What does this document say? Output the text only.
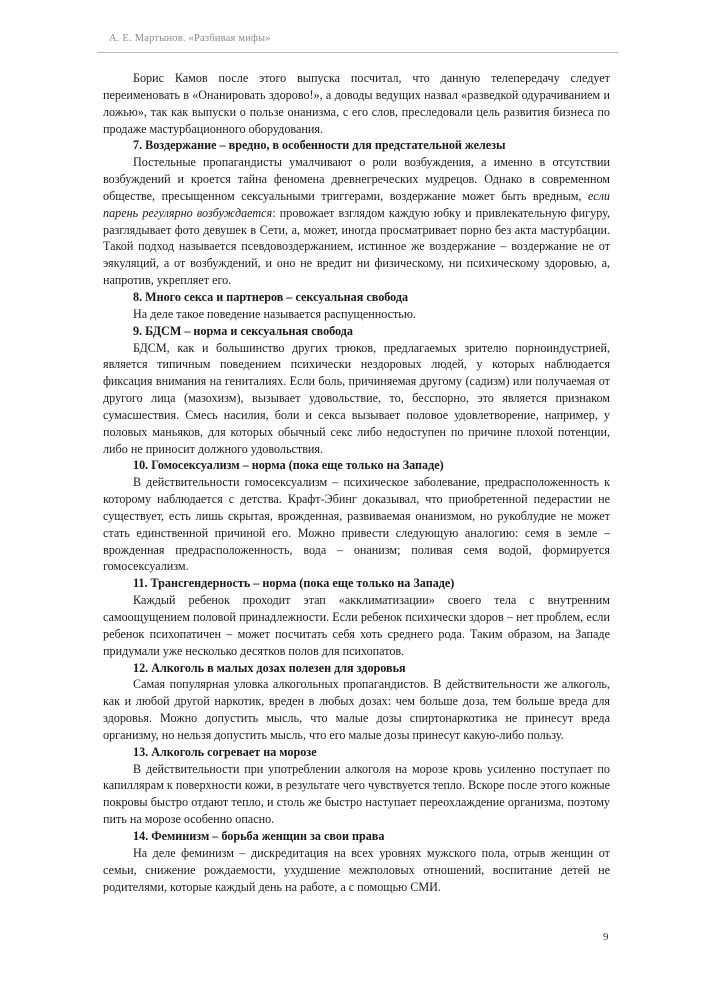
А. Е. Мартынов. «Разбивая мифы»

Борис Камов после этого выпуска посчитал, что данную телепередачу следует переименовать в «Онанировать здорово!», а доводы ведущих назвал «разведкой одурачиванием и ложью», так как выпуски о пользе онанизма, с его слов, преследовали цель развития бизнеса по продаже мастурбационного оборудования.

7. Воздержание – вредно, в особенности для предстательной железы

Постельные пропагандисты умалчивают о роли возбуждения, а именно в отсутствии возбуждений и кроется тайна феномена древнегреческих мудрецов. Однако в современном обществе, пресыщенном сексуальными триггерами, воздержание может быть вредным, если парень регулярно возбуждается: провожает взглядом каждую юбку и привлекательную фигуру, разглядывает фото девушек в Сети, а, может, иногда просматривает порно без акта мастурбации. Такой подход называется псевдовоздержанием, истинное же воздержание – воздержание не от эякуляций, а от возбуждений, и оно не вредит ни физическому, ни психическому здоровью, а, напротив, укрепляет его.

8. Много секса и партнеров – сексуальная свобода

На деле такое поведение называется распущенностью.

9. БДСМ – норма и сексуальная свобода

БДСМ, как и большинство других трюков, предлагаемых зрителю порноиндустрией, является типичным поведением психически нездоровых людей, у которых наблюдается фиксация внимания на гениталиях. Если боль, причиняемая другому (садизм) или получаемая от другого лица (мазохизм), вызывает удовольствие, то, бесспорно, это является признаком сумасшествия. Смесь насилия, боли и секса вызывает половое удовлетворение, например, у половых маньяков, для которых обычный секс либо недоступен по причине плохой потенции, либо не приносит должного удовольствия.

10. Гомосексуализм – норма (пока еще только на Западе)

В действительности гомосексуализм – психическое заболевание, предрасположенность к которому наблюдается с детства. Крафт-Эбинг доказывал, что приобретенной педерастии не существует, есть лишь скрытая, врожденная, развиваемая онанизмом, но рукоблудие не может стать единственной причиной его. Можно привести следующую аналогию: семя в земле – врожденная предрасположенность, вода – онанизм; поливая семя водой, формируется гомосексуализм.

11. Трансгендерность – норма (пока еще только на Западе)

Каждый ребенок проходит этап «акклиматизации» своего тела с внутренним самоощущением половой принадлежности. Если ребенок психически здоров – нет проблем, если ребенок психопатичен – может посчитать себя хоть среднего рода. Таким образом, на Западе придумали уже несколько десятков полов для психопатов.

12. Алкоголь в малых дозах полезен для здоровья

Самая популярная уловка алкогольных пропагандистов. В действительности же алкоголь, как и любой другой наркотик, вреден в любых дозах: чем больше доза, тем больше вреда для здоровья. Можно допустить мысль, что малые дозы спиртонаркотика не принесут вреда организму, но нельзя допустить мысль, что его малые дозы принесут какую-либо пользу.

13. Алкоголь согревает на морозе

В действительности при употреблении алкоголя на морозе кровь усиленно поступает по капиллярам к поверхности кожи, в результате чего чувствуется тепло. Вскоре после этого кожные покровы быстро отдают тепло, и столь же быстро наступает переохлаждение организма, поэтому пить на морозе особенно опасно.

14. Феминизм – борьба женщин за свои права

На деле феминизм – дискредитация на всех уровнях мужского пола, отрыв женщин от семьи, снижение рождаемости, ухудшение межполовых отношений, воспитание детей не родителями, которые каждый день на работе, а с помощью СМИ.

9
